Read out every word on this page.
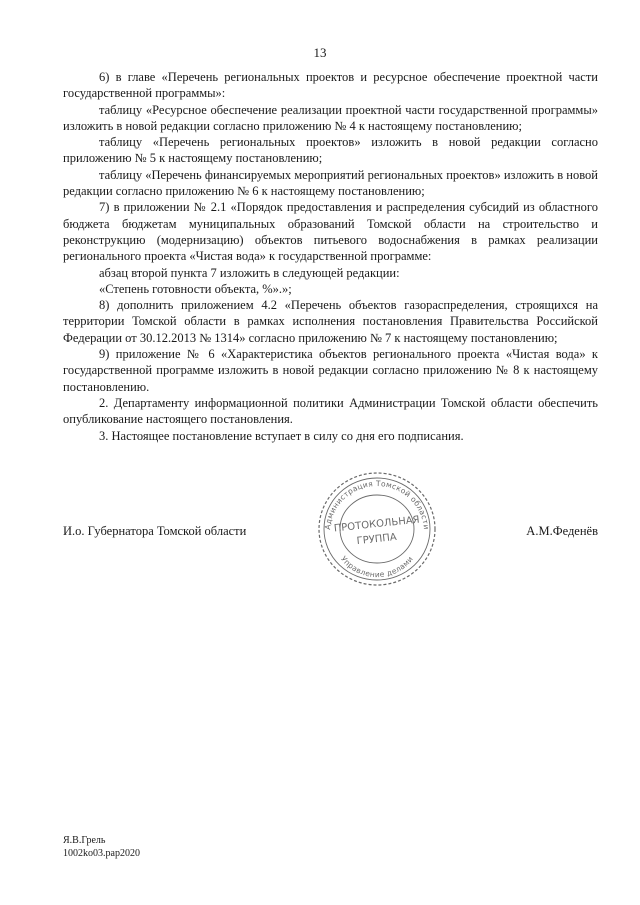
13

6) в главе «Перечень региональных проектов и ресурсное обеспечение проектной части государственной программы»:

таблицу «Ресурсное обеспечение реализации проектной части государственной программы» изложить в новой редакции согласно приложению № 4 к настоящему постановлению;

таблицу «Перечень региональных проектов» изложить в новой редакции согласно приложению № 5 к настоящему постановлению;

таблицу «Перечень финансируемых мероприятий региональных проектов» изложить в новой редакции согласно приложению № 6 к настоящему постановлению;

7) в приложении № 2.1 «Порядок предоставления и распределения субсидий из областного бюджета бюджетам муниципальных образований Томской области на строительство и реконструкцию (модернизацию) объектов питьевого водоснабжения в рамках реализации регионального проекта «Чистая вода» к государственной программе:

абзац второй пункта 7 изложить в следующей редакции:

«Степень готовности объекта, %».»;

8) дополнить приложением 4.2 «Перечень объектов газораспределения, строящихся на территории Томской области в рамках исполнения постановления Правительства Российской Федерации от 30.12.2013 № 1314» согласно приложению № 7 к настоящему постановлению;

9) приложение № 6 «Характеристика объектов регионального проекта «Чистая вода» к государственной программе изложить в новой редакции согласно приложению № 8 к настоящему постановлению.

2. Департаменту информационной политики Администрации Томской области обеспечить опубликование настоящего постановления.

3. Настоящее постановление вступает в силу со дня его подписания.

И.о. Губернатора Томской области	А.М.Феденёв
Администрация Томской области
Управление делами
ПРОТОКОЛЬНАЯ
ГРУППА
Я.В.Грель
1002ko03.pap2020
